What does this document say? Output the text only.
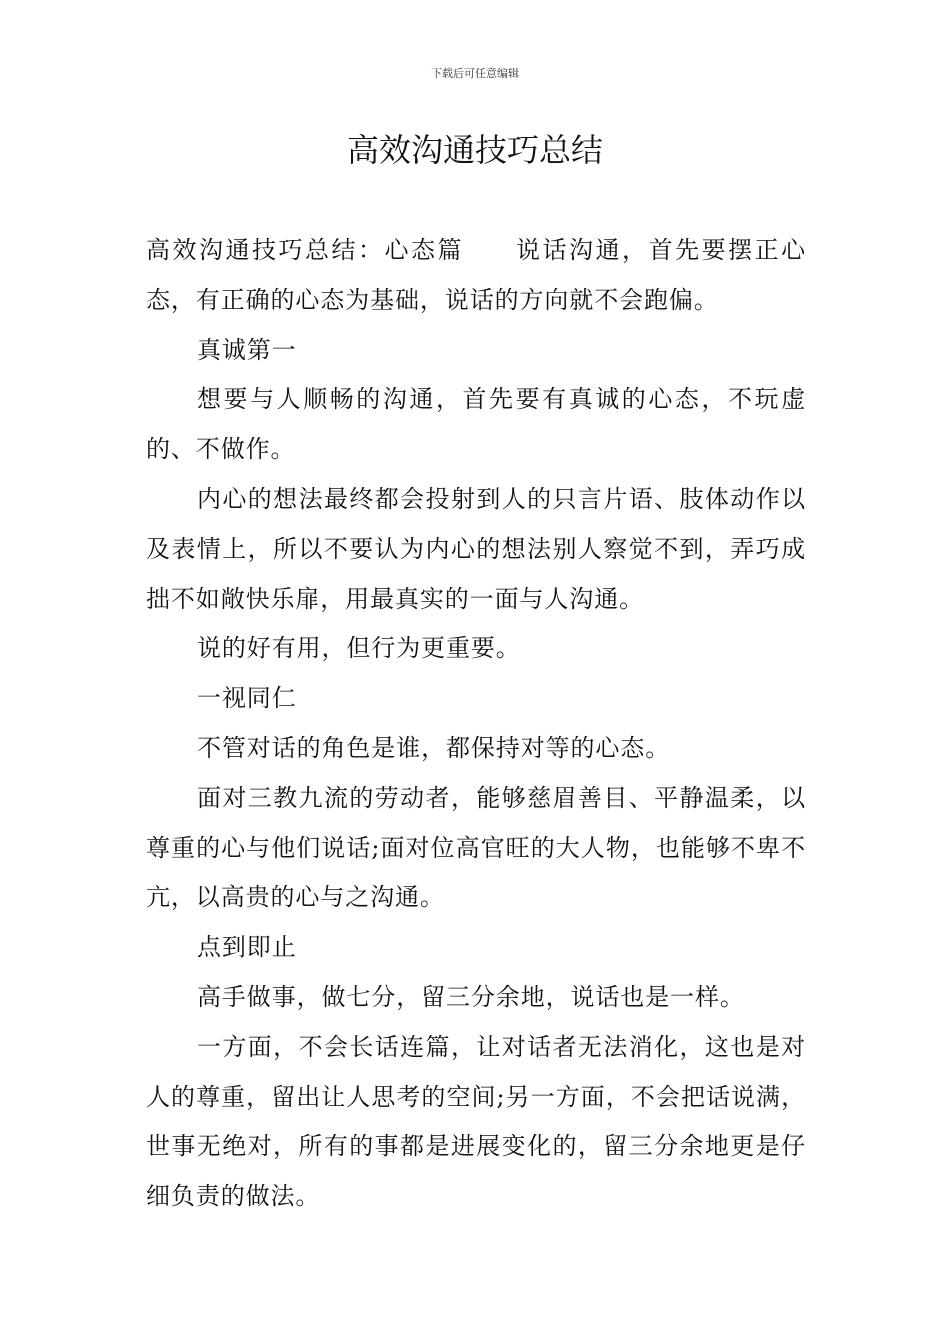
下载后可任意编辑
高效沟通技巧总结

高效沟通技巧总结：心态篇 说话沟通，首先要摆正心态，有正确的心态为基础，说话的方向就不会跑偏。

真诚第一

想要与人顺畅的沟通，首先要有真诚的心态，不玩虚的、不做作。

内心的想法最终都会投射到人的只言片语、肢体动作以及表情上，所以不要认为内心的想法别人察觉不到，弄巧成拙不如敞快乐扉，用最真实的一面与人沟通。

说的好有用，但行为更重要。

一视同仁

不管对话的角色是谁，都保持对等的心态。

面对三教九流的劳动者，能够慈眉善目、平静温柔，以尊重的心与他们说话;面对位高官旺的大人物，也能够不卑不亢，以高贵的心与之沟通。

点到即止

高手做事，做七分，留三分余地，说话也是一样。

一方面，不会长话连篇，让对话者无法消化，这也是对人的尊重，留出让人思考的空间;另一方面，不会把话说满，世事无绝对，所有的事都是进展变化的，留三分余地更是仔细负责的做法。
